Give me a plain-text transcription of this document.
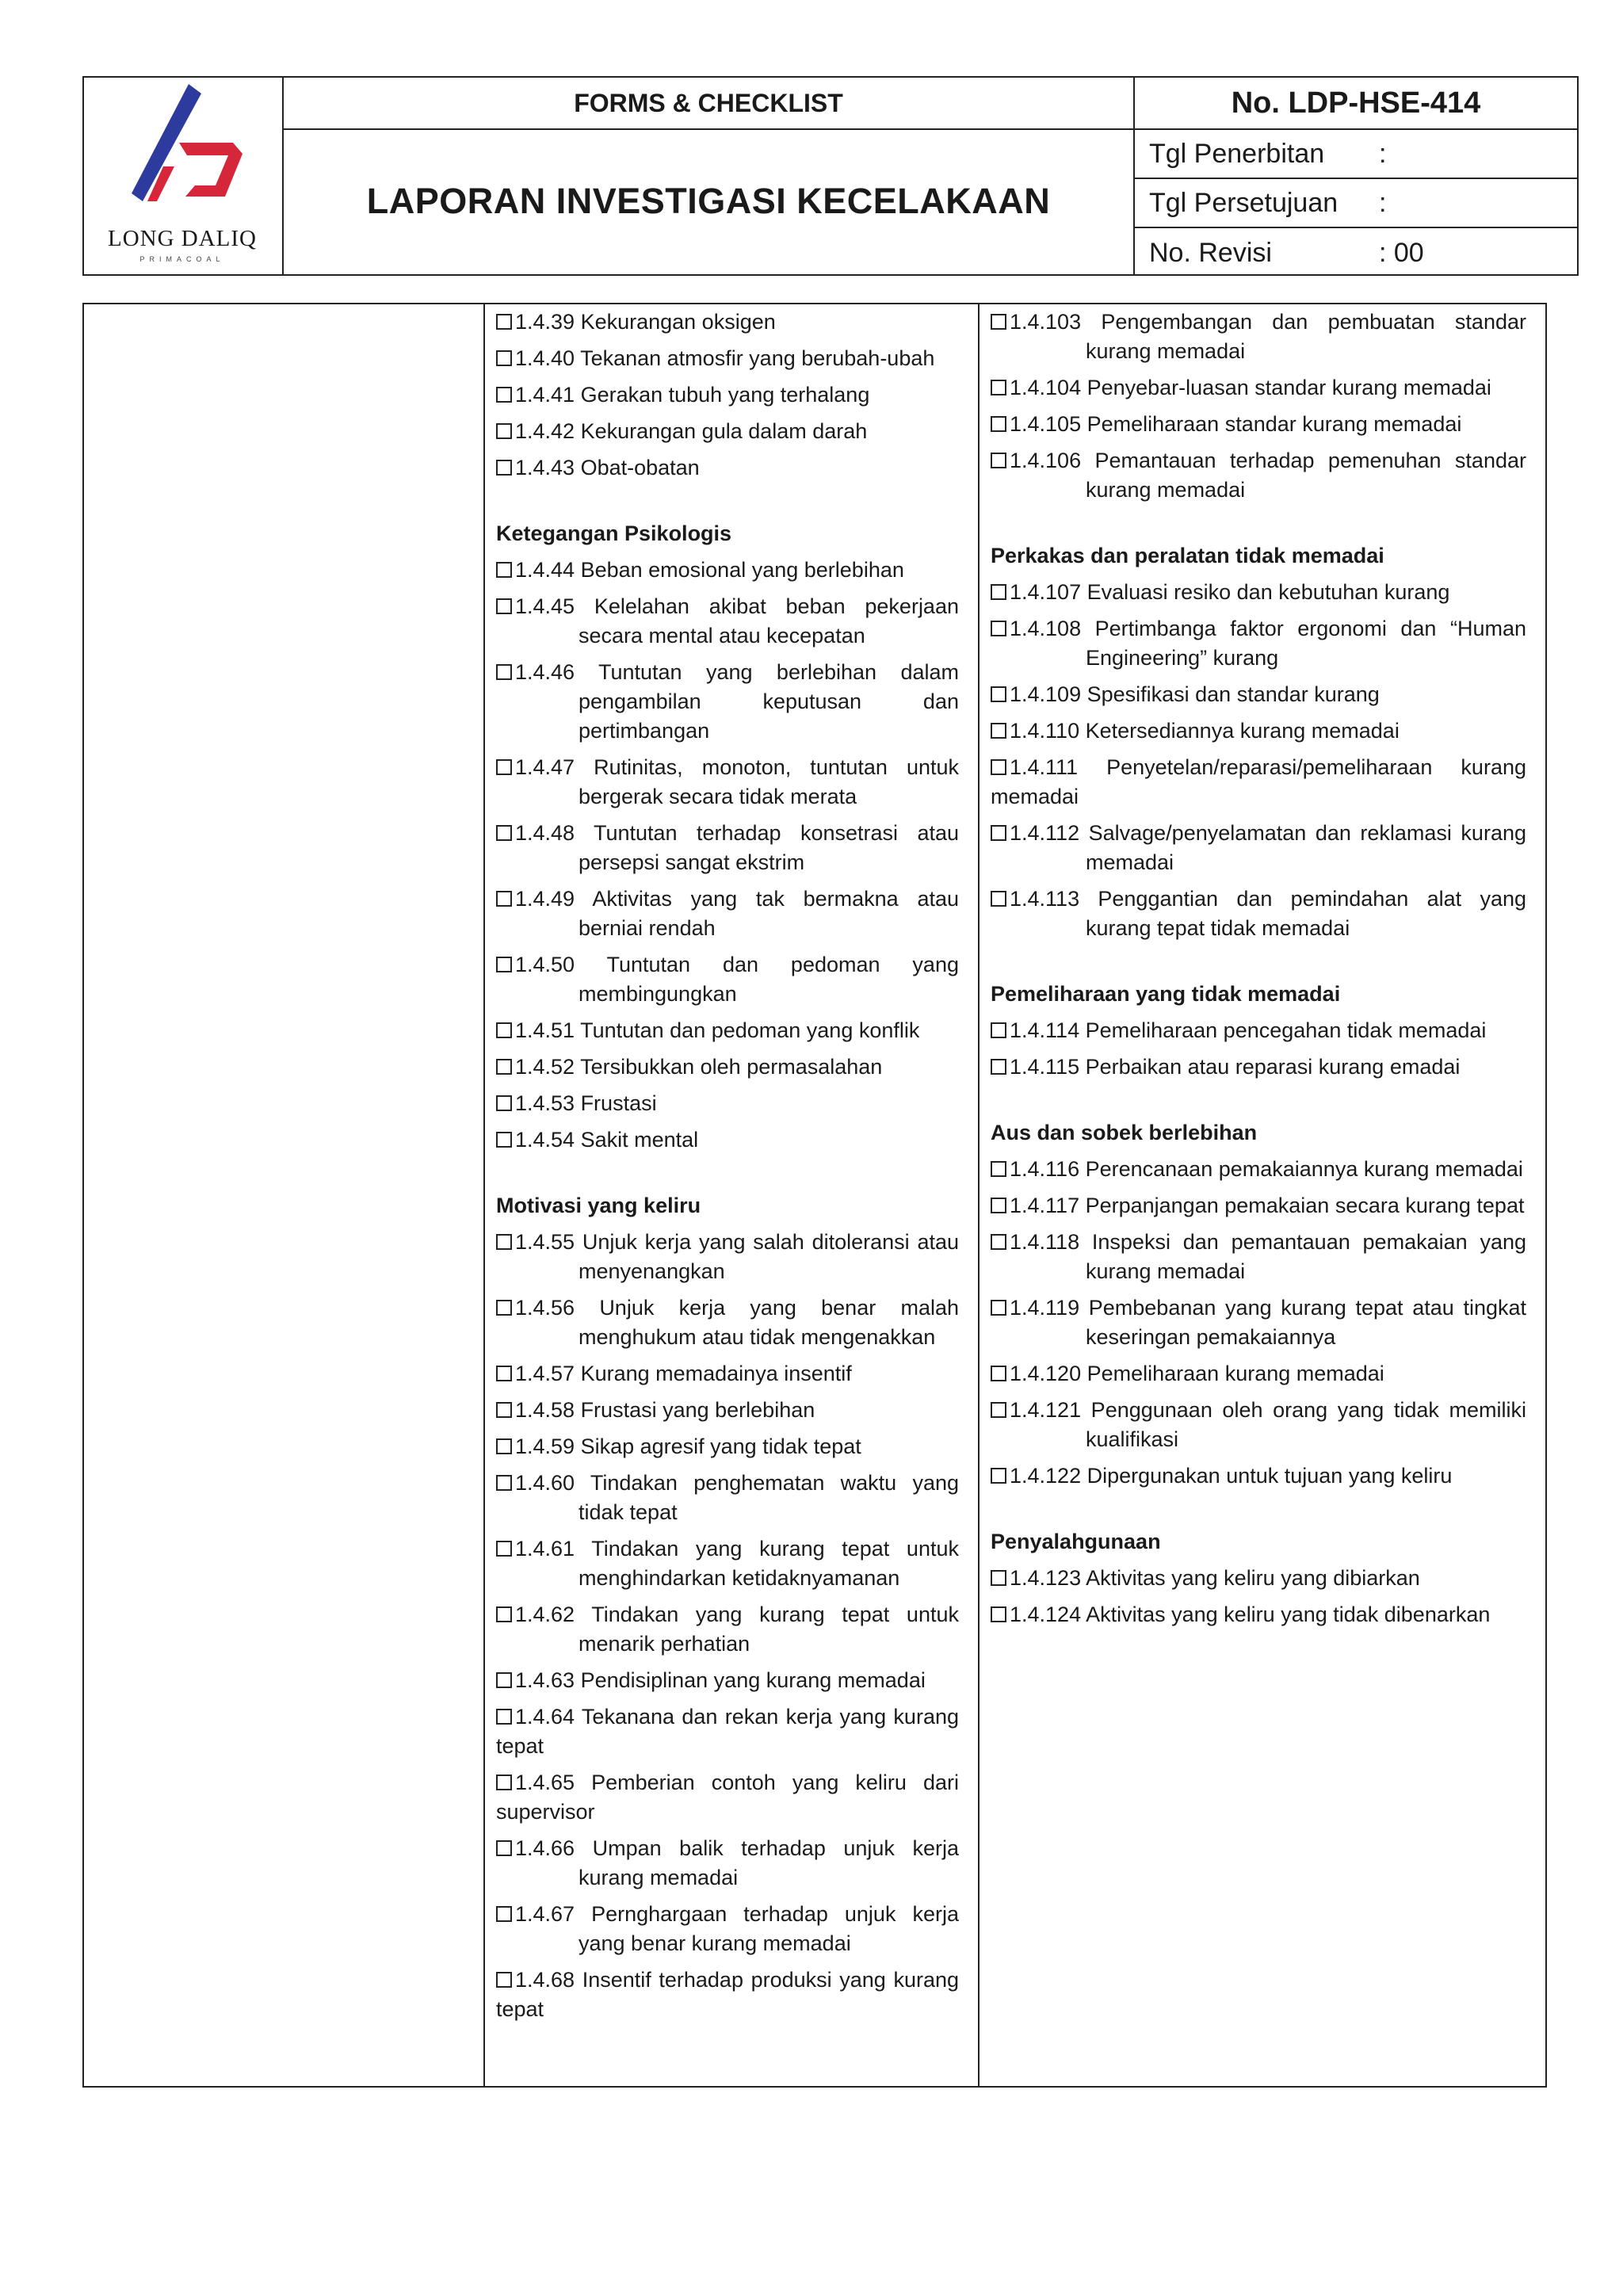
LONG DALIQ
PRIMACOAL
FORMS & CHECKLIST
LAPORAN INVESTIGASI KECELAKAAN
No. LDP-HSE-414
Tgl Penerbitan	:
Tgl Persetujuan	:
No. Revisi	: 00
1.4.39 Kekurangan oksigen
1.4.40 Tekanan atmosfir yang berubah-ubah
1.4.41 Gerakan tubuh yang terhalang
1.4.42 Kekurangan gula dalam darah
1.4.43 Obat-obatan
Ketegangan Psikologis
1.4.44 Beban emosional yang berlebihan
1.4.45 Kelelahan akibat beban pekerjaan secara mental atau kecepatan
1.4.46 Tuntutan yang berlebihan dalam pengambilan keputusan dan pertimbangan
1.4.47 Rutinitas, monoton, tuntutan untuk bergerak secara tidak merata
1.4.48 Tuntutan terhadap konsetrasi atau persepsi sangat ekstrim
1.4.49 Aktivitas yang tak bermakna atau berniai rendah
1.4.50 Tuntutan dan pedoman yang membingungkan
1.4.51 Tuntutan dan pedoman yang konflik
1.4.52 Tersibukkan oleh permasalahan
1.4.53 Frustasi
1.4.54 Sakit mental
Motivasi yang keliru
1.4.55 Unjuk kerja yang salah ditoleransi atau menyenangkan
1.4.56 Unjuk kerja yang benar malah menghukum atau tidak mengenakkan
1.4.57 Kurang memadainya insentif
1.4.58 Frustasi yang berlebihan
1.4.59 Sikap agresif yang tidak tepat
1.4.60 Tindakan penghematan waktu yang tidak tepat
1.4.61 Tindakan yang kurang tepat untuk menghindarkan ketidaknyamanan
1.4.62 Tindakan yang kurang tepat untuk menarik perhatian
1.4.63 Pendisiplinan yang kurang memadai
1.4.64 Tekanana dan rekan kerja yang kurang tepat
1.4.65 Pemberian contoh yang keliru dari supervisor
1.4.66 Umpan balik terhadap unjuk kerja kurang memadai
1.4.67 Pernghargaan terhadap unjuk kerja yang benar kurang memadai
1.4.68 Insentif terhadap produksi yang kurang tepat
1.4.103 Pengembangan dan pembuatan standar kurang memadai
1.4.104 Penyebar-luasan standar kurang memadai
1.4.105 Pemeliharaan standar kurang memadai
1.4.106 Pemantauan terhadap pemenuhan standar kurang memadai
Perkakas dan peralatan tidak memadai
1.4.107 Evaluasi resiko dan kebutuhan kurang
1.4.108 Pertimbanga faktor ergonomi dan “Human Engineering” kurang
1.4.109 Spesifikasi dan standar kurang
1.4.110 Ketersediannya kurang memadai
1.4.111 Penyetelan/reparasi/pemeliharaan kurang memadai
1.4.112 Salvage/penyelamatan dan reklamasi kurang memadai
1.4.113 Penggantian dan pemindahan alat yang kurang tepat tidak memadai
Pemeliharaan yang tidak memadai
1.4.114 Pemeliharaan pencegahan tidak memadai
1.4.115 Perbaikan atau reparasi kurang emadai
Aus dan sobek berlebihan
1.4.116 Perencanaan pemakaiannya kurang memadai
1.4.117 Perpanjangan pemakaian secara kurang tepat
1.4.118 Inspeksi dan pemantauan pemakaian yang kurang memadai
1.4.119 Pembebanan yang kurang tepat atau tingkat keseringan pemakaiannya
1.4.120 Pemeliharaan kurang memadai
1.4.121 Penggunaan oleh orang yang tidak memiliki kualifikasi
1.4.122 Dipergunakan untuk tujuan yang keliru
Penyalahgunaan
1.4.123 Aktivitas yang keliru yang dibiarkan
1.4.124 Aktivitas yang keliru yang tidak dibenarkan
